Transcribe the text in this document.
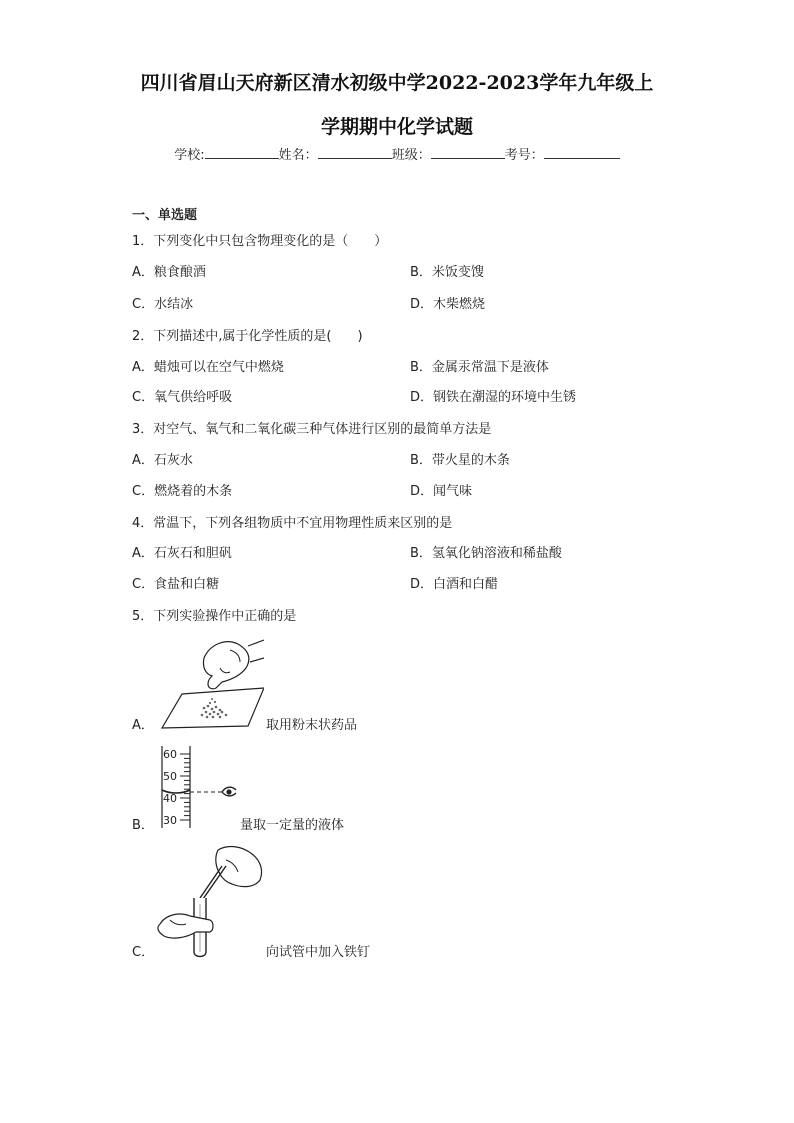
四川省眉山天府新区清水初级中学2022-2023学年九年级上
学期期中化学试题
学校:	姓名：	班级：	考号：
一、单选题
1．下列变化中只包含物理变化的是（　　）
A．粮食酿酒	B．米饭变馊
C．水结冰	D．木柴燃烧
2．下列描述中,属于化学性质的是(　　)
A．蜡烛可以在空气中燃烧	B．金属汞常温下是液体
C．氧气供给呼吸	D．钢铁在潮湿的环境中生锈
3．对空气、氧气和二氧化碳三种气体进行区别的最简单方法是
A．石灰水	B．带火星的木条
C．燃烧着的木条	D．闻气味
4．常温下，下列各组物质中不宜用物理性质来区别的是
A．石灰石和胆矾	B．氢氧化钠溶液和稀盐酸
C．食盐和白糖	D．白酒和白醋
5．下列实验操作中正确的是
A．	取用粉末状药品
60
50
40
30
B．	量取一定量的液体
C．	向试管中加入铁钉
